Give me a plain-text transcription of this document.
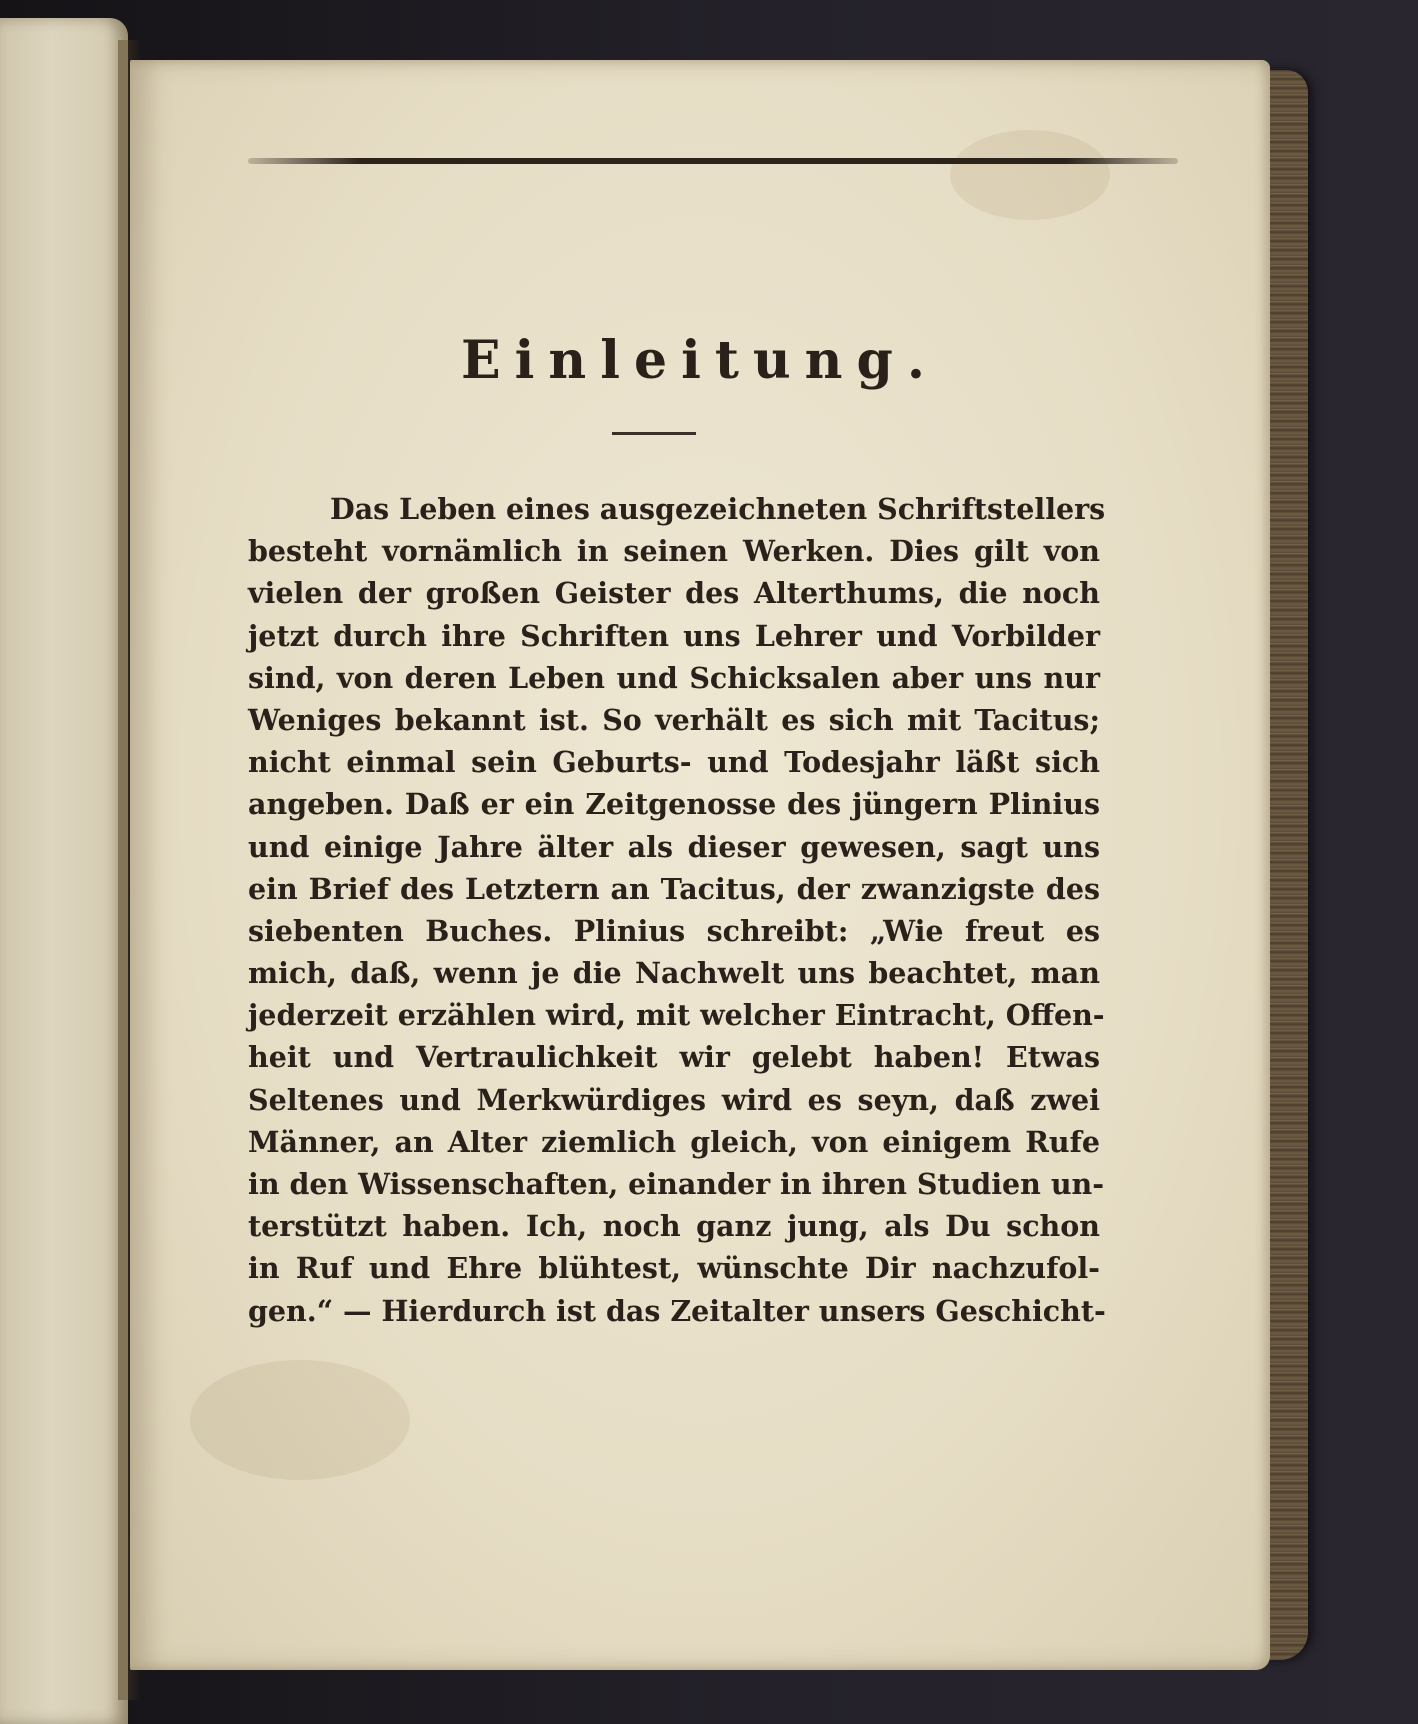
Einleitung.
Das Leben eines ausgezeichneten Schriftstellers
besteht vornämlich in seinen Werken. Dies gilt von
vielen der großen Geister des Alterthums, die noch
jetzt durch ihre Schriften uns Lehrer und Vorbilder
sind, von deren Leben und Schicksalen aber uns nur
Weniges bekannt ist. So verhält es sich mit Tacitus;
nicht einmal sein Geburts- und Todesjahr läßt sich
angeben. Daß er ein Zeitgenosse des jüngern Plinius
und einige Jahre älter als dieser gewesen, sagt uns
ein Brief des Letztern an Tacitus, der zwanzigste des
siebenten Buches. Plinius schreibt: „Wie freut es
mich, daß, wenn je die Nachwelt uns beachtet, man
jederzeit erzählen wird, mit welcher Eintracht, Offen-
heit und Vertraulichkeit wir gelebt haben! Etwas
Seltenes und Merkwürdiges wird es seyn, daß zwei
Männer, an Alter ziemlich gleich, von einigem Rufe
in den Wissenschaften, einander in ihren Studien un-
terstützt haben. Ich, noch ganz jung, als Du schon
in Ruf und Ehre blühtest, wünschte Dir nachzufol-
gen.“ — Hierdurch ist das Zeitalter unsers Geschicht-
